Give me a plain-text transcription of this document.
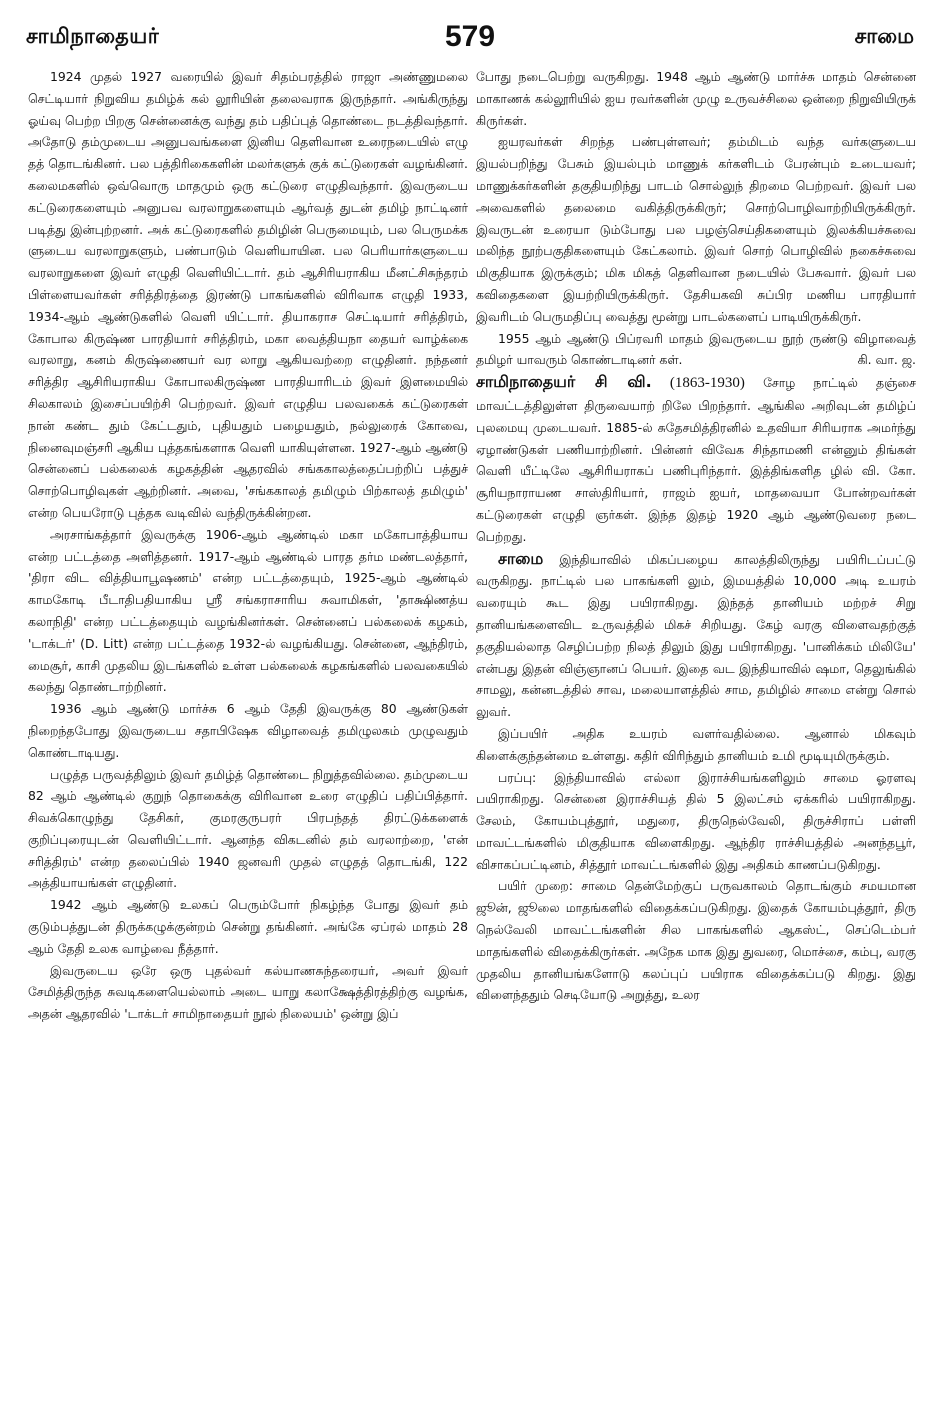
சாமிநாதையர்	579	சாமை

1924 முதல் 1927 வரையில் இவர் சிதம்பரத்தில் ராஜா அண்ணுமலை செட்டியார் நிறுவிய தமிழ்க் கல் லூரியின் தலைவராக இருந்தார். அங்கிருந்து ஓய்வு பெற்ற பிறகு சென்னைக்கு வந்து தம் பதிப்புத் தொண்டை நடத்திவந்தார். அதோடு தம்முடைய அனுபவங்களை இனிய தெளிவான உரைநடையில் எழு தத் தொடங்கினர். பல பத்திரிகைகளின் மலர்களுக் குக் கட்டுரைகள் வழங்கினர். கலைமகளில் ஒவ்வொரு மாதமும் ஒரு கட்டுரை எழுதிவந்தார். இவருடைய கட்டுரைகளையும் அனுபவ வரலாறுகளையும் ஆர்வத் துடன் தமிழ் நாட்டினர் படித்து இன்புற்றனர். அக் கட்டுரைகளில் தமிழின் பெருமையும், பல பெருமக்க ளுடைய வரலாறுகளும், பண்பாடும் வெளியாயின. பல பெரியார்களுடைய வரலாறுகளை இவர் எழுதி வெளியிட்டார். தம் ஆசிரியராகிய மீனட்சிசுந்தரம் பிள்ளையவர்கள் சரித்திரத்தை இரண்டு பாகங்களில் விரிவாக எழுதி 1933, 1934-ஆம் ஆண்டுகளில் வெளி யிட்டார். தியாகராச செட்டியார் சரித்திரம், கோபால கிருஷ்ண பாரதியார் சரித்திரம், மகா வைத்தியநா தையர் வாழ்க்கை வரலாறு, கனம் கிருஷ்ணையர் வர லாறு ஆகியவற்றை எழுதினர். நந்தனர் சரித்திர ஆசிரியராகிய கோபாலகிருஷ்ண பாரதியாரிடம் இவர் இளமையில் சிலகாலம் இசைப்பயிற்சி பெற்றவர். இவர் எழுதிய பலவகைக் கட்டுரைகள் நான் கண்ட தும் கேட்டதும், புதியதும் பழையதும், நல்லுரைக் கோவை, நினைவுமஞ்சரி ஆகிய புத்தகங்களாக வெளி யாகியுள்ளன. 1927-ஆம் ஆண்டு சென்னைப் பல்கலைக் கழகத்தின் ஆதரவில் சங்ககாலத்தைப்பற்றிப் பத்துச் சொற்பொழிவுகள் ஆற்றினர். அவை, 'சங்ககாலத் தமிழும் பிற்காலத் தமிழும்' என்ற பெயரோடு புத்தக வடிவில் வந்திருக்கின்றன.

அரசாங்கத்தார் இவருக்கு 1906-ஆம் ஆண்டில் மகா மகோபாத்தியாய என்ற பட்டத்தை அளித்தனர். 1917-ஆம் ஆண்டில் பாரத தர்ம மண்டலத்தார், 'திரா விட வித்தியாபூஷணம்' என்ற பட்டத்தையும், 1925-ஆம் ஆண்டில் காமகோடி பீடாதிபதியாகிய ஸ்ரீ சங்கராசாரிய சுவாமிகள், 'தாக்ஷிணத்ய கலாநிதி' என்ற பட்டத்தையும் வழங்கினர்கள். சென்னைப் பல்கலைக் கழகம், 'டாக்டர்' (D. Litt) என்ற பட்டத்தை 1932-ல் வழங்கியது. சென்னை, ஆந்திரம், மைசூர், காசி முதலிய இடங்களில் உள்ள பல்கலைக் கழகங்களில் பலவகையில் கலந்து தொண்டாற்றினர்.

1936 ஆம் ஆண்டு மார்ச்சு 6 ஆம் தேதி இவருக்கு 80 ஆண்டுகள் நிறைந்தபோது இவருடைய சதாபிஷேக விழாவைத் தமிழுலகம் முழுவதும் கொண்டாடியது.

பழுத்த பருவத்திலும் இவர் தமிழ்த் தொண்டை நிறுத்தவில்லை. தம்முடைய 82 ஆம் ஆண்டில் குறுந் தொகைக்கு விரிவான உரை எழுதிப் பதிப்பித்தார். சிவக்கொழுந்து தேசிகர், குமரகுருபரர் பிரபந்தத் திரட்டுக்களைக் குறிப்புரையுடன் வெளியிட்டார். ஆனந்த விகடனில் தம் வரலாற்றை, 'என் சரித்திரம்' என்ற தலைப்பில் 1940 ஜனவரி முதல் எழுதத் தொடங்கி, 122 அத்தியாயங்கள் எழுதினர்.

1942 ஆம் ஆண்டு உலகப் பெரும்போர் நிகழ்ந்த போது இவர் தம் குடும்பத்துடன் திருக்கழுக்குன்றம் சென்று தங்கினர். அங்கே ஏப்ரல் மாதம் 28 ஆம் தேதி உலக வாழ்வை நீத்தார்.

இவருடைய ஒரே ஒரு புதல்வர் கல்யாணசுந்தரையர், அவர் இவர் சேமித்திருந்த சுவடிகளையெல்லாம் அடை யாறு கலாக்ஷேத்திரத்திற்கு வழங்க, அதன் ஆதரவில் 'டாக்டர் சாமிநாதையர் நூல் நிலையம்' ஒன்று இப்

போது நடைபெற்று வருகிறது. 1948 ஆம் ஆண்டு மார்ச்சு மாதம் சென்னை மாகாணக் கல்லூரியில் ஐய ரவர்களின் முழு உருவச்சிலை ஒன்றை நிறுவியிருக் கிருர்கள்.

ஐயரவர்கள் சிறந்த பண்புள்ளவர்; தம்மிடம் வந்த வர்களுடைய இயல்பறிந்து பேசும் இயல்பும் மாணுக் கர்களிடம் பேரன்பும் உடையவர்; மாணுக்கர்களின் தகுதியறிந்து பாடம் சொல்லுந் திறமை பெற்றவர். இவர் பல அவைகளில் தலைமை வகித்திருக்கிருர்; சொற்பொழிவாற்றியிருக்கிருர். இவருடன் உரையா டும்போது பல பழஞ்செய்திகளையும் இலக்கியச்சுவை மலிந்த நூற்பகுதிகளையும் கேட்கலாம். இவர் சொற் பொழிவில் நகைச்சுவை மிகுதியாக இருக்கும்; மிக மிகத் தெளிவான நடையில் பேசுவார். இவர் பல கவிதைகளை இயற்றியிருக்கிருர். தேசியகவி சுப்பிர மணிய பாரதியார் இவரிடம் பெருமதிப்பு வைத்து மூன்று பாடல்களைப் பாடியிருக்கிருர்.

1955 ஆம் ஆண்டு பிப்ரவரி மாதம் இவருடைய நூற் ருண்டு விழாவைத் தமிழர் யாவரும் கொண்டாடினர் கள்.	கி. வா. ஜ.

சாமிநாதையர் சி வி. (1863-1930) சோழ நாட்டில் தஞ்சை மாவட்டத்திலுள்ள திருவையாற் றிலே பிறந்தார். ஆங்கில அறிவுடன் தமிழ்ப் புலமையு முடையவர். 1885-ல் சுதேசமித்திரனில் உதவியா சிரியராக அமர்ந்து ஏழாண்டுகள் பணியாற்றினர். பின்னர் விவேக சிந்தாமணி என்னும் திங்கள் வெளி யீட்டிலே ஆசிரியராகப் பணிபுரிந்தார். இத்திங்களித ழில் வி. கோ. சூரியநாராயண சாஸ்திரியார், ராஜம் ஐயர், மாதவையா போன்றவர்கள் கட்டுரைகள் எழுதி ஞர்கள். இந்த இதழ் 1920 ஆம் ஆண்டுவரை நடை பெற்றது.

சாமை இந்தியாவில் மிகப்பழைய காலத்திலிருந்து பயிரிடப்பட்டு வருகிறது. நாட்டில் பல பாகங்களி லும், இமயத்தில் 10,000 அடி உயரம் வரையும் கூட இது பயிராகிறது. இந்தத் தானியம் மற்றச் சிறு தானியங்களைவிட உருவத்தில் மிகச் சிறியது. கேழ் வரகு விளைவதற்குத் தகுதியல்லாத செழிப்பற்ற நிலத் திலும் இது பயிராகிறது. 'பானிக்கம் மிலியே' என்பது இதன் விஞ்ஞானப் பெயர். இதை வட இந்தியாவில் ஷமா, தெலுங்கில் சாமலு, கன்னடத்தில் சாவ, மலையாளத்தில் சாம, தமிழில் சாமை என்று சொல் லுவர்.

இப்பயிர் அதிக உயரம் வளர்வதில்லை. ஆனால் மிகவும் கிளைக்குந்தன்மை உள்ளது. கதிர் விரிந்தும் தானியம் உமி மூடியுமிருக்கும்.

பரப்பு: இந்தியாவில் எல்லா இராச்சியங்களிலும் சாமை ஓரளவு பயிராகிறது. சென்னை இராச்சியத் தில் 5 இலட்சம் ஏக்கரில் பயிராகிறது. சேலம், கோயம்புத்தூர், மதுரை, திருநெல்வேலி, திருச்சிராப் பள்ளி மாவட்டங்களில் மிகுதியாக விளைகிறது. ஆந்திர ராச்சியத்தில் அனந்தபூர், விசாகப்பட்டினம், சித்தூர் மாவட்டங்களில் இது அதிகம் காணப்படுகிறது.

பயிர் முறை: சாமை தென்மேற்குப் பருவகாலம் தொடங்கும் சமயமான ஜூன், ஜூலை மாதங்களில் விதைக்கப்படுகிறது. இதைக் கோயம்புத்தூர், திரு நெல்வேலி மாவட்டங்களின் சில பாகங்களில் ஆகஸ்ட், செப்டெம்பர் மாதங்களில் விதைக்கிருர்கள். அநேக மாக இது துவரை, மொச்சை, கம்பு, வரகு முதலிய தானியங்களோடு கலப்புப் பயிராக விதைக்கப்படு கிறது. இது விளைந்ததும் செடியோடு அறுத்து, உலர
